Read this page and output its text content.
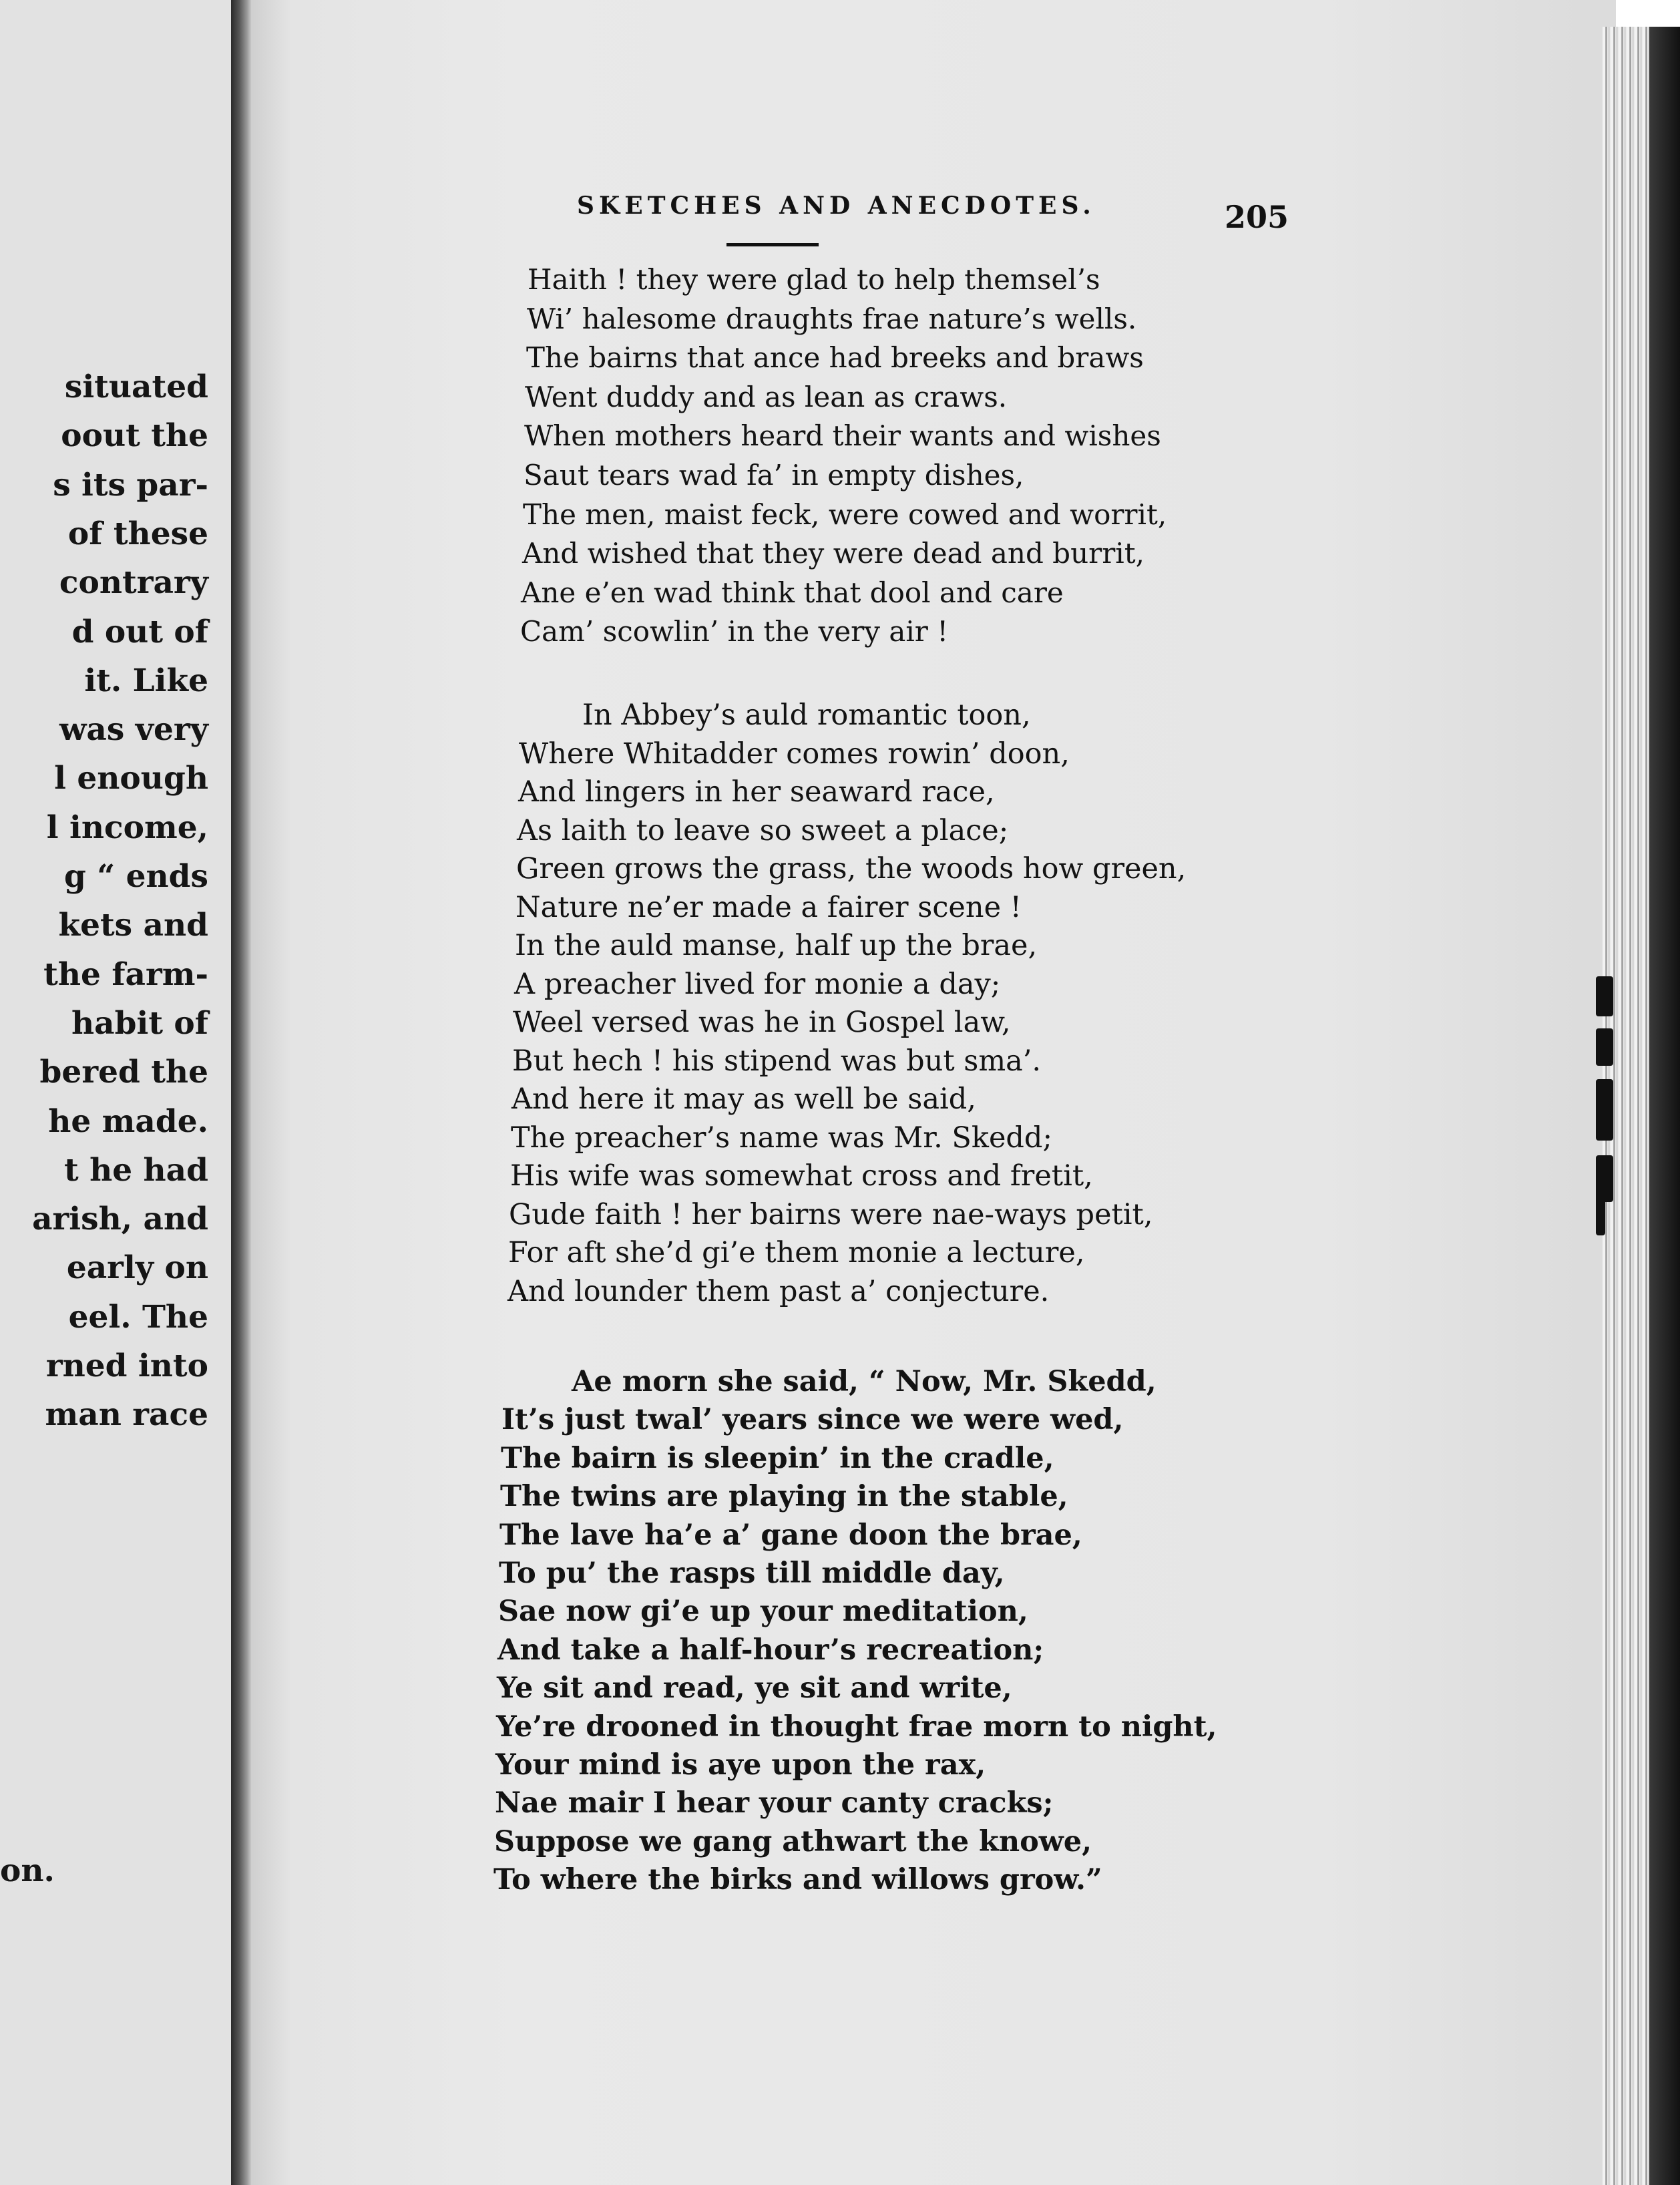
situated
oout the
s its par-
of these
contrary
d out of
it. Like
was very
l enough
l income,
g “ ends
kets and
the farm-
habit of
bered the
he made.
t he had
arish, and
early on
eel. The
rned into
man race
on.
SKETCHES AND ANECDOTES.	205
Haith ! they were glad to help themsel’s
Wi’ halesome draughts frae nature’s wells.
The bairns that ance had breeks and braws
Went duddy and as lean as craws.
When mothers heard their wants and wishes
Saut tears wad fa’ in empty dishes,
The men, maist feck, were cowed and worrit,
And wished that they were dead and burrit,
Ane e’en wad think that dool and care
Cam’ scowlin’ in the very air !
In Abbey’s auld romantic toon,
Where Whitadder comes rowin’ doon,
And lingers in her seaward race,
As laith to leave so sweet a place;
Green grows the grass, the woods how green,
Nature ne’er made a fairer scene !
In the auld manse, half up the brae,
A preacher lived for monie a day;
Weel versed was he in Gospel law,
But hech ! his stipend was but sma’.
And here it may as well be said,
The preacher’s name was Mr. Skedd;
His wife was somewhat cross and fretit,
Gude faith ! her bairns were nae-ways petit,
For aft she’d gi’e them monie a lecture,
And lounder them past a’ conjecture.
Ae morn she said, “ Now, Mr. Skedd,
It’s just twal’ years since we were wed,
The bairn is sleepin’ in the cradle,
The twins are playing in the stable,
The lave ha’e a’ gane doon the brae,
To pu’ the rasps till middle day,
Sae now gi’e up your meditation,
And take a half-hour’s recreation;
Ye sit and read, ye sit and write,
Ye’re drooned in thought frae morn to night,
Your mind is aye upon the rax,
Nae mair I hear your canty cracks;
Suppose we gang athwart the knowe,
To where the birks and willows grow.”
